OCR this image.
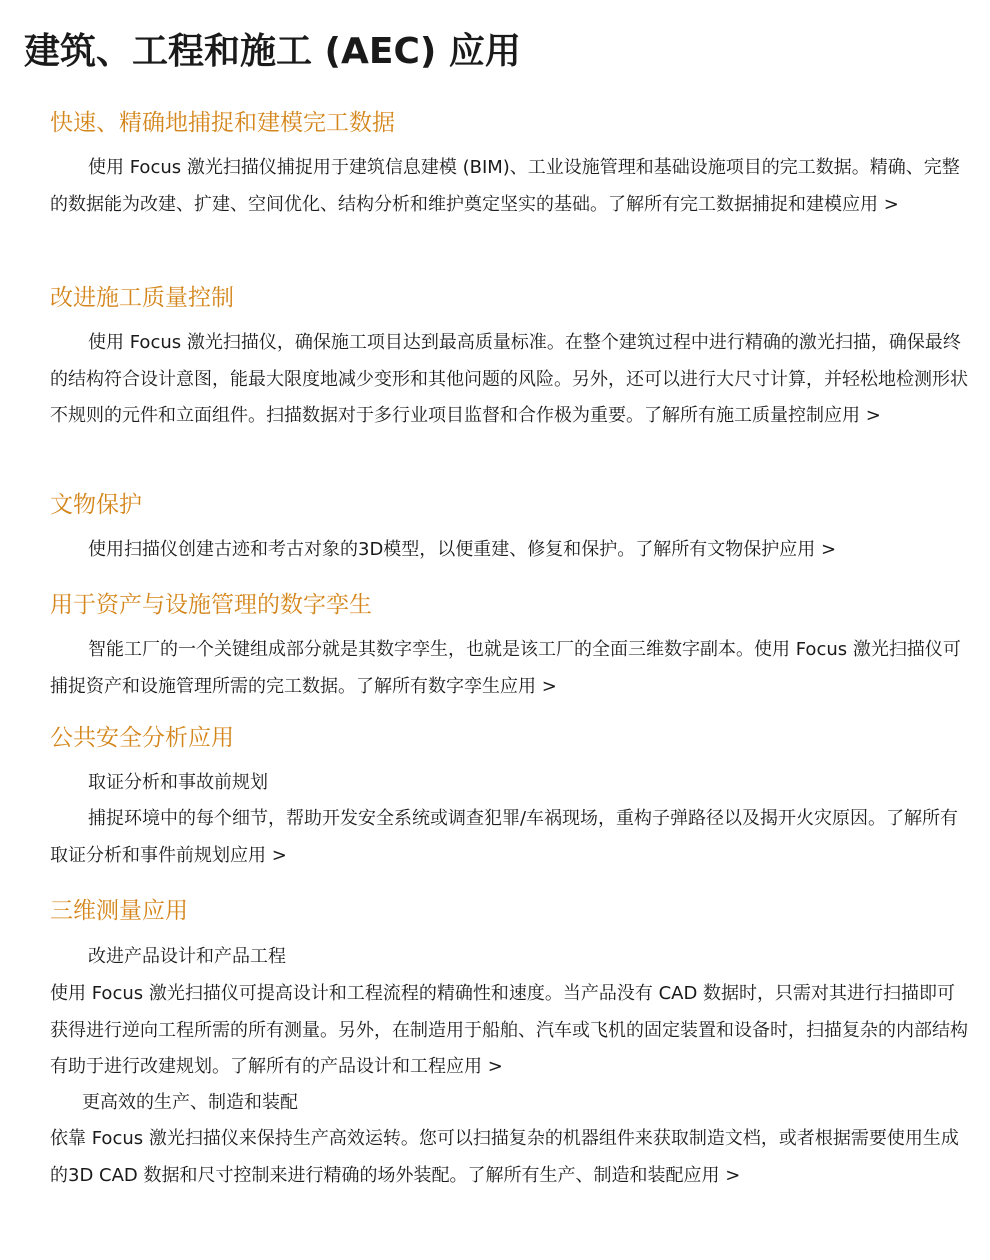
建筑、工程和施工 (AEC) 应用
快速、精确地捕捉和建模完工数据

使用 Focus 激光扫描仪捕捉用于建筑信息建模 (BIM)、工业设施管理和基础设施项目的完工数据。精确、完整的数据能为改建、扩建、空间优化、结构分析和维护奠定坚实的基础。了解所有完工数据捕捉和建模应用 >

改进施工质量控制

使用 Focus 激光扫描仪，确保施工项目达到最高质量标准。在整个建筑过程中进行精确的激光扫描，确保最终的结构符合设计意图，能最大限度地减少变形和其他问题的风险。另外，还可以进行大尺寸计算，并轻松地检测形状不规则的元件和立面组件。扫描数据对于多行业项目监督和合作极为重要。了解所有施工质量控制应用 >

文物保护

使用扫描仪创建古迹和考古对象的3D模型，以便重建、修复和保护。了解所有文物保护应用 >

用于资产与设施管理的数字孪生

智能工厂的一个关键组成部分就是其数字孪生，也就是该工厂的全面三维数字副本。使用 Focus 激光扫描仪可捕捉资产和设施管理所需的完工数据。了解所有数字孪生应用 >

公共安全分析应用
取证分析和事故前规划

捕捉环境中的每个细节，帮助开发安全系统或调查犯罪/车祸现场，重构子弹路径以及揭开火灾原因。了解所有取证分析和事件前规划应用 >

三维测量应用
改进产品设计和产品工程

使用 Focus 激光扫描仪可提高设计和工程流程的精确性和速度。当产品没有 CAD 数据时，只需对其进行扫描即可获得进行逆向工程所需的所有测量。另外，在制造用于船舶、汽车或飞机的固定装置和设备时，扫描复杂的内部结构有助于进行改建规划。了解所有的产品设计和工程应用 >

更高效的生产、制造和装配

依靠 Focus 激光扫描仪来保持生产高效运转。您可以扫描复杂的机器组件来获取制造文档，或者根据需要使用生成的3D CAD 数据和尺寸控制来进行精确的场外装配。了解所有生产、制造和装配应用 >
